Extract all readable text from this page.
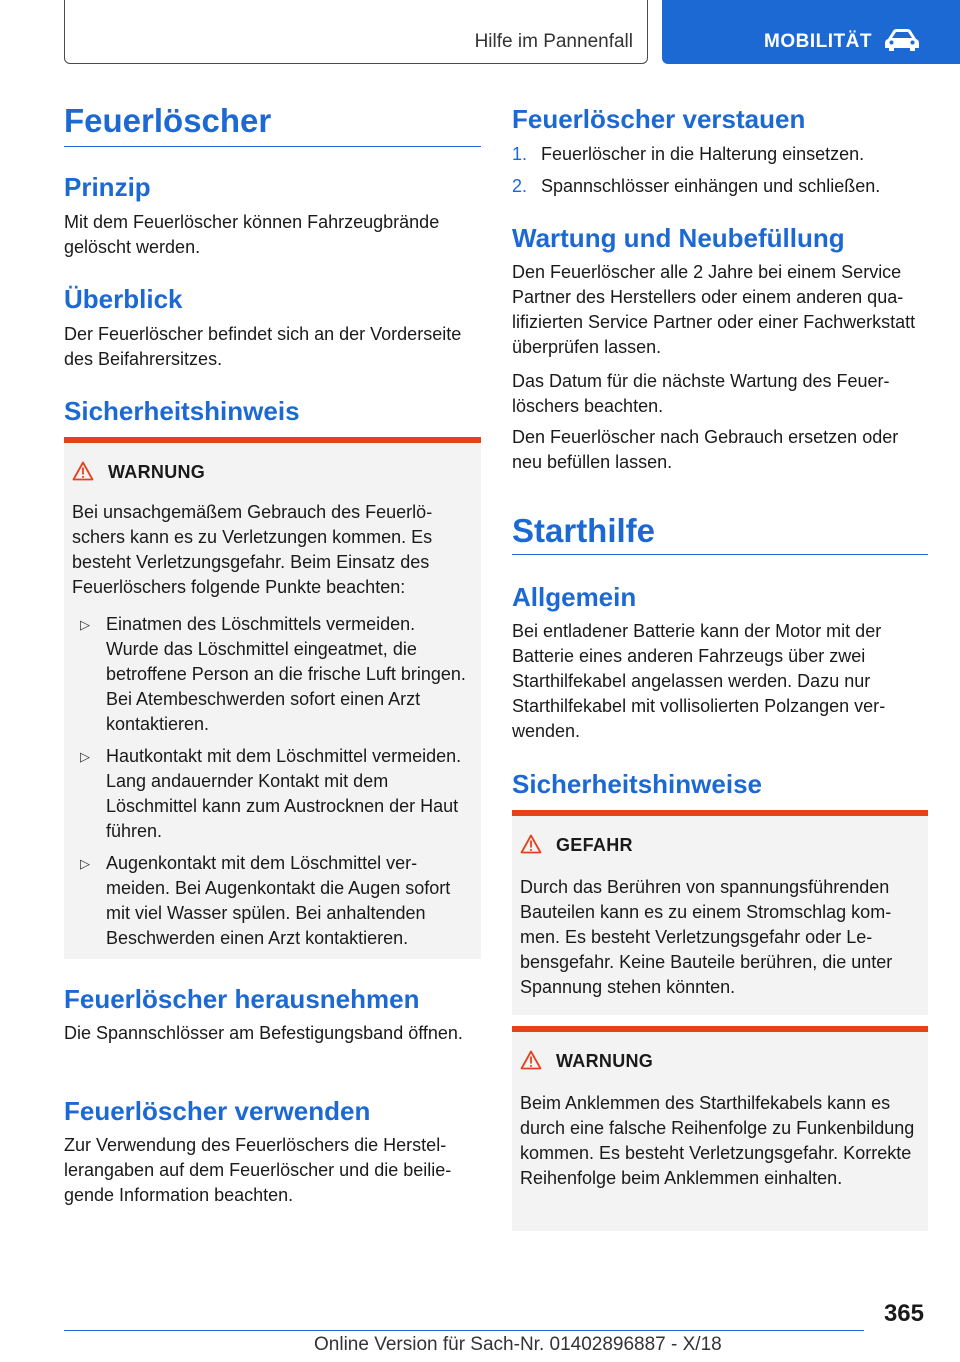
Hilfe im Pannenfall	MOBILITÄT
Feuerlöscher
Prinzip
Mit dem Feuerlöscher können Fahrzeugbrände gelöscht werden.
Überblick
Der Feuerlöscher befindet sich an der Vorderseite des Beifahrersitzes.
Sicherheitshinweis
WARNUNG
Bei unsachgemäßem Gebrauch des Feuerlöschers kann es zu Verletzungen kommen. Es besteht Verletzungsgefahr. Beim Einsatz des Feuerlöschers folgende Punkte beachten:
▷ Einatmen des Löschmittels vermeiden. Wurde das Löschmittel eingeatmet, die betroffene Person an die frische Luft bringen. Bei Atembeschwerden sofort einen Arzt kontaktieren.
▷ Hautkontakt mit dem Löschmittel vermeiden. Lang andauernder Kontakt mit dem Löschmittel kann zum Austrocknen der Haut führen.
▷ Augenkontakt mit dem Löschmittel vermeiden. Bei Augenkontakt die Augen sofort mit viel Wasser spülen. Bei anhaltenden Beschwerden einen Arzt kontaktieren.
Feuerlöscher herausnehmen
Die Spannschlösser am Befestigungsband öffnen.
Feuerlöscher verwenden
Zur Verwendung des Feuerlöschers die Herstellerangaben auf dem Feuerlöscher und die beiliegende Information beachten.
Feuerlöscher verstauen
1. Feuerlöscher in die Halterung einsetzen.
2. Spannschlösser einhängen und schließen.
Wartung und Neubefüllung
Den Feuerlöscher alle 2 Jahre bei einem Service Partner des Herstellers oder einem anderen qualifizierten Service Partner oder einer Fachwerkstatt überprüfen lassen.
Das Datum für die nächste Wartung des Feuerlöschers beachten.
Den Feuerlöscher nach Gebrauch ersetzen oder neu befüllen lassen.
Starthilfe
Allgemein
Bei entladener Batterie kann der Motor mit der Batterie eines anderen Fahrzeugs über zwei Starthilfekabel angelassen werden. Dazu nur Starthilfekabel mit vollisolierten Polzangen verwenden.
Sicherheitshinweise
GEFAHR
Durch das Berühren von spannungsführenden Bauteilen kann es zu einem Stromschlag kommen. Es besteht Verletzungsgefahr oder Lebensgefahr. Keine Bauteile berühren, die unter Spannung stehen könnten.
WARNUNG
Beim Anklemmen des Starthilfekabels kann es durch eine falsche Reihenfolge zu Funkenbildung kommen. Es besteht Verletzungsgefahr. Korrekte Reihenfolge beim Anklemmen einhalten.
365
Online Version für Sach-Nr. 01402896887 - X/18
